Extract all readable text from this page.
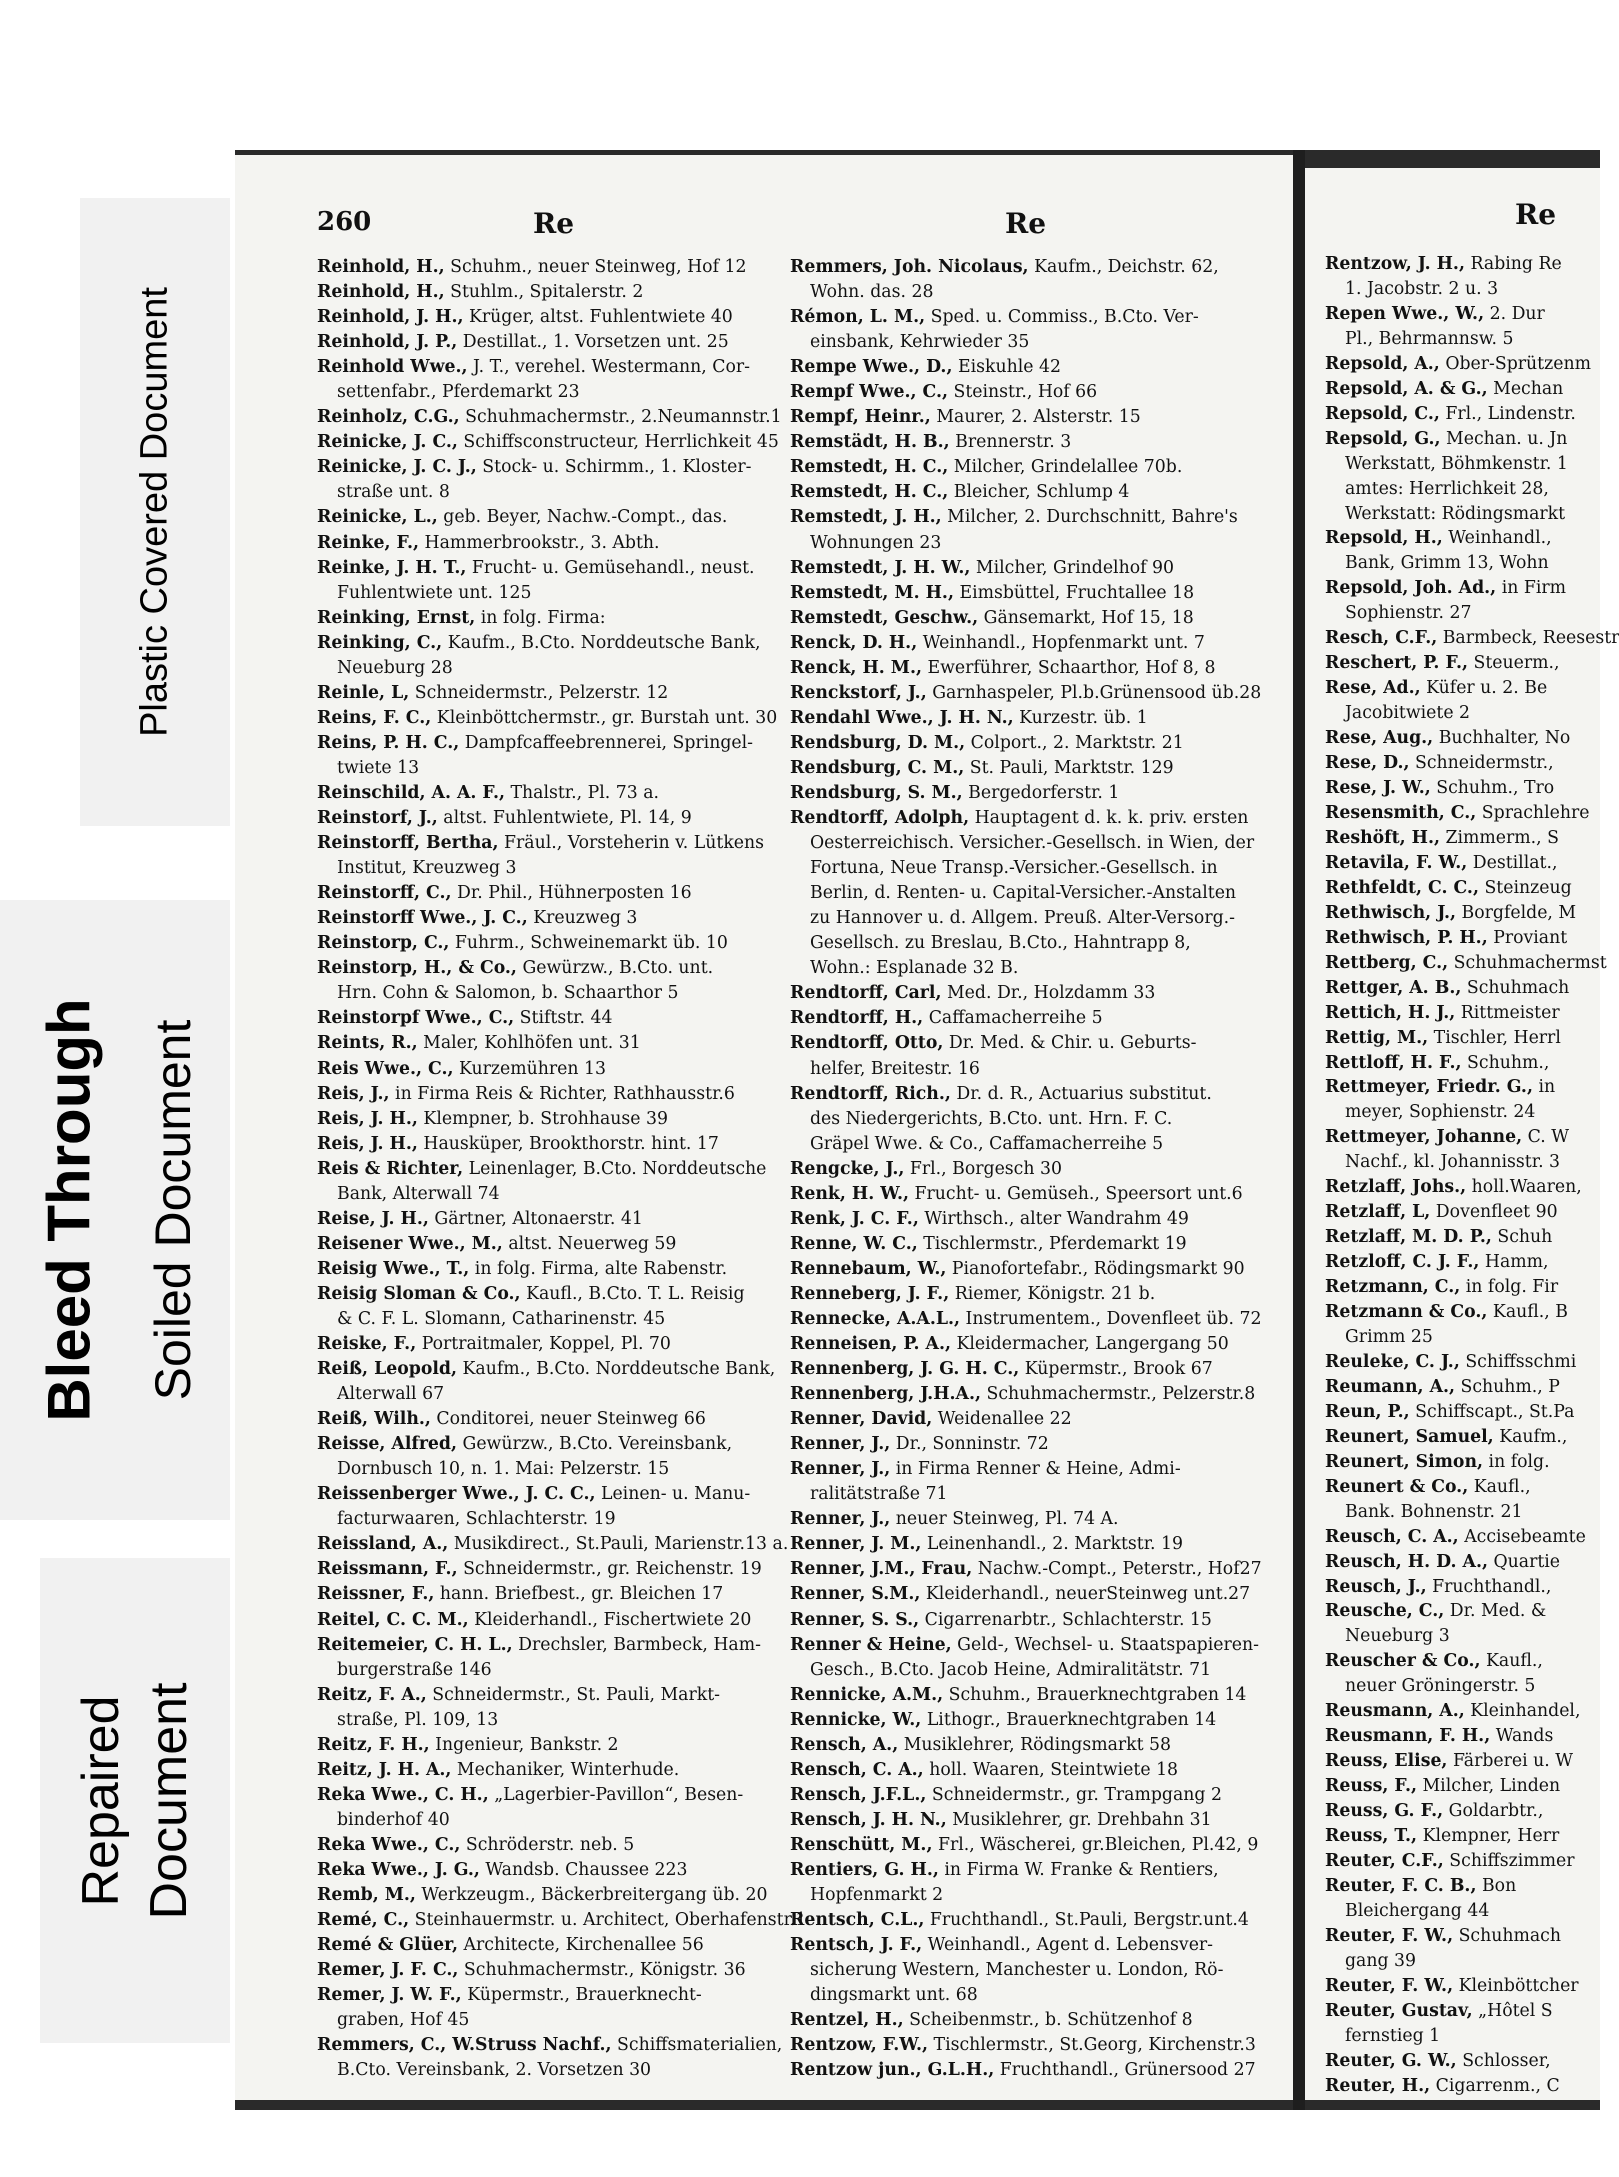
Plastic Covered Document
Bleed Through Soiled Document
Repaired Document
260	Re	Re
Reinhold, H., Schuhm., neuer Steinweg, Hof 12
Reinhold, H., Stuhlm., Spitalerstr. 2
Reinhold, J. H., Krüger, altst. Fuhlentwiete 40
Reinhold, J. P., Destillat., 1. Vorsetzen unt. 25
Reinhold Wwe., J. T., verehel. Westermann, Cor-
settenfabr., Pferdemarkt 23
Reinholz, C.G., Schuhmachermstr., 2.Neumannstr.1
Reinicke, J. C., Schiffsconstructeur, Herrlichkeit 45
Reinicke, J. C. J., Stock- u. Schirmm., 1. Kloster-
straße unt. 8
Reinicke, L., geb. Beyer, Nachw.-Compt., das.
Reinke, F., Hammerbrookstr., 3. Abth.
Reinke, J. H. T., Frucht- u. Gemüsehandl., neust.
Fuhlentwiete unt. 125
Reinking, Ernst, in folg. Firma:
Reinking, C., Kaufm., B.Cto. Norddeutsche Bank,
Neueburg 28
Reinle, L, Schneidermstr., Pelzerstr. 12
Reins, F. C., Kleinböttchermstr., gr. Burstah unt. 30
Reins, P. H. C., Dampfcaffeebrennerei, Springel-
twiete 13
Reinschild, A. A. F., Thalstr., Pl. 73 a.
Reinstorf, J., altst. Fuhlentwiete, Pl. 14, 9
Reinstorff, Bertha, Fräul., Vorsteherin v. Lütkens
Institut, Kreuzweg 3
Reinstorff, C., Dr. Phil., Hühnerposten 16
Reinstorff Wwe., J. C., Kreuzweg 3
Reinstorp, C., Fuhrm., Schweinemarkt üb. 10
Reinstorp, H., & Co., Gewürzw., B.Cto. unt.
Hrn. Cohn & Salomon, b. Schaarthor 5
Reinstorpf Wwe., C., Stiftstr. 44
Reints, R., Maler, Kohlhöfen unt. 31
Reis Wwe., C., Kurzemühren 13
Reis, J., in Firma Reis & Richter, Rathhausstr.6
Reis, J. H., Klempner, b. Strohhause 39
Reis, J. H., Hausküper, Brookthorstr. hint. 17
Reis & Richter, Leinenlager, B.Cto. Norddeutsche
Bank, Alterwall 74
Reise, J. H., Gärtner, Altonaerstr. 41
Reisener Wwe., M., altst. Neuerweg 59
Reisig Wwe., T., in folg. Firma, alte Rabenstr.
Reisig Sloman & Co., Kaufl., B.Cto. T. L. Reisig
& C. F. L. Slomann, Catharinenstr. 45
Reiske, F., Portraitmaler, Koppel, Pl. 70
Reiß, Leopold, Kaufm., B.Cto. Norddeutsche Bank,
Alterwall 67
Reiß, Wilh., Conditorei, neuer Steinweg 66
Reisse, Alfred, Gewürzw., B.Cto. Vereinsbank,
Dornbusch 10, n. 1. Mai: Pelzerstr. 15
Reissenberger Wwe., J. C. C., Leinen- u. Manu-
facturwaaren, Schlachterstr. 19
Reissland, A., Musikdirect., St.Pauli, Marienstr.13 a.
Reissmann, F., Schneidermstr., gr. Reichenstr. 19
Reissner, F., hann. Briefbest., gr. Bleichen 17
Reitel, C. C. M., Kleiderhandl., Fischertwiete 20
Reitemeier, C. H. L., Drechsler, Barmbeck, Ham-
burgerstraße 146
Reitz, F. A., Schneidermstr., St. Pauli, Markt-
straße, Pl. 109, 13
Reitz, F. H., Ingenieur, Bankstr. 2
Reitz, J. H. A., Mechaniker, Winterhude.
Reka Wwe., C. H., „Lagerbier-Pavillon“, Besen-
binderhof 40
Reka Wwe., C., Schröderstr. neb. 5
Reka Wwe., J. G., Wandsb. Chaussee 223
Remb, M., Werkzeugm., Bäckerbreitergang üb. 20
Remé, C., Steinhauermstr. u. Architect, Oberhafenstr.1
Remé & Glüer, Architecte, Kirchenallee 56
Remer, J. F. C., Schuhmachermstr., Königstr. 36
Remer, J. W. F., Küpermstr., Brauerknecht-
graben, Hof 45
Remmers, C., W.Struss Nachf., Schiffsmaterialien,
B.Cto. Vereinsbank, 2. Vorsetzen 30
Remmers, Joh. Nicolaus, Kaufm., Deichstr. 62,
Wohn. das. 28
Rémon, L. M., Sped. u. Commiss., B.Cto. Ver-
einsbank, Kehrwieder 35
Rempe Wwe., D., Eiskuhle 42
Rempf Wwe., C., Steinstr., Hof 66
Rempf, Heinr., Maurer, 2. Alsterstr. 15
Remstädt, H. B., Brennerstr. 3
Remstedt, H. C., Milcher, Grindelallee 70b.
Remstedt, H. C., Bleicher, Schlump 4
Remstedt, J. H., Milcher, 2. Durchschnitt, Bahre's
Wohnungen 23
Remstedt, J. H. W., Milcher, Grindelhof 90
Remstedt, M. H., Eimsbüttel, Fruchtallee 18
Remstedt, Geschw., Gänsemarkt, Hof 15, 18
Renck, D. H., Weinhandl., Hopfenmarkt unt. 7
Renck, H. M., Ewerführer, Schaarthor, Hof 8, 8
Renckstorf, J., Garnhaspeler, Pl.b.Grünensood üb.28
Rendahl Wwe., J. H. N., Kurzestr. üb. 1
Rendsburg, D. M., Colport., 2. Marktstr. 21
Rendsburg, C. M., St. Pauli, Marktstr. 129
Rendsburg, S. M., Bergedorferstr. 1
Rendtorff, Adolph, Hauptagent d. k. k. priv. ersten
Oesterreichisch. Versicher.-Gesellsch. in Wien, der
Fortuna, Neue Transp.-Versicher.-Gesellsch. in
Berlin, d. Renten- u. Capital-Versicher.-Anstalten
zu Hannover u. d. Allgem. Preuß. Alter-Versorg.-
Gesellsch. zu Breslau, B.Cto., Hahntrapp 8,
Wohn.: Esplanade 32 B.
Rendtorff, Carl, Med. Dr., Holzdamm 33
Rendtorff, H., Caffamacherreihe 5
Rendtorff, Otto, Dr. Med. & Chir. u. Geburts-
helfer, Breitestr. 16
Rendtorff, Rich., Dr. d. R., Actuarius substitut.
des Niedergerichts, B.Cto. unt. Hrn. F. C.
Gräpel Wwe. & Co., Caffamacherreihe 5
Rengcke, J., Frl., Borgesch 30
Renk, H. W., Frucht- u. Gemüseh., Speersort unt.6
Renk, J. C. F., Wirthsch., alter Wandrahm 49
Renne, W. C., Tischlermstr., Pferdemarkt 19
Rennebaum, W., Pianofortefabr., Rödingsmarkt 90
Renneberg, J. F., Riemer, Königstr. 21 b.
Rennecke, A.A.L., Instrumentem., Dovenfleet üb. 72
Renneisen, P. A., Kleidermacher, Langergang 50
Rennenberg, J. G. H. C., Küpermstr., Brook 67
Rennenberg, J.H.A., Schuhmachermstr., Pelzerstr.8
Renner, David, Weidenallee 22
Renner, J., Dr., Sonninstr. 72
Renner, J., in Firma Renner & Heine, Admi-
ralitätstraße 71
Renner, J., neuer Steinweg, Pl. 74 A.
Renner, J. M., Leinenhandl., 2. Marktstr. 19
Renner, J.M., Frau, Nachw.-Compt., Peterstr., Hof27
Renner, S.M., Kleiderhandl., neuerSteinweg unt.27
Renner, S. S., Cigarrenarbtr., Schlachterstr. 15
Renner & Heine, Geld-, Wechsel- u. Staatspapieren-
Gesch., B.Cto. Jacob Heine, Admiralitätstr. 71
Rennicke, A.M., Schuhm., Brauerknechtgraben 14
Rennicke, W., Lithogr., Brauerknechtgraben 14
Rensch, A., Musiklehrer, Rödingsmarkt 58
Rensch, C. A., holl. Waaren, Steintwiete 18
Rensch, J.F.L., Schneidermstr., gr. Trampgang 2
Rensch, J. H. N., Musiklehrer, gr. Drehbahn 31
Renschütt, M., Frl., Wäscherei, gr.Bleichen, Pl.42, 9
Rentiers, G. H., in Firma W. Franke & Rentiers,
Hopfenmarkt 2
Rentsch, C.L., Fruchthandl., St.Pauli, Bergstr.unt.4
Rentsch, J. F., Weinhandl., Agent d. Lebensver-
sicherung Western, Manchester u. London, Rö-
dingsmarkt unt. 68
Rentzel, H., Scheibenmstr., b. Schützenhof 8
Rentzow, F.W., Tischlermstr., St.Georg, Kirchenstr.3
Rentzow jun., G.L.H., Fruchthandl., Grünersood 27
Re
Rentzow, J. H., Rabing Re
1. Jacobstr. 2 u. 3
Repen Wwe., W., 2. Dur
Pl., Behrmannsw. 5
Repsold, A., Ober-Sprützenm
Repsold, A. & G., Mechan
Repsold, C., Frl., Lindenstr.
Repsold, G., Mechan. u. Jn
Werkstatt, Böhmkenstr. 1
amtes: Herrlichkeit 28,
Werkstatt: Rödingsmarkt
Repsold, H., Weinhandl.,
Bank, Grimm 13, Wohn
Repsold, Joh. Ad., in Firm
Sophienstr. 27
Resch, C.F., Barmbeck, Reesestr
Reschert, P. F., Steuerm.,
Rese, Ad., Küfer u. 2. Be
Jacobitwiete 2
Rese, Aug., Buchhalter, No
Rese, D., Schneidermstr.,
Rese, J. W., Schuhm., Tro
Resensmith, C., Sprachlehre
Reshöft, H., Zimmerm., S
Retavila, F. W., Destillat.,
Rethfeldt, C. C., Steinzeug
Rethwisch, J., Borgfelde, M
Rethwisch, P. H., Proviant
Rettberg, C., Schuhmachermst
Rettger, A. B., Schuhmach
Rettich, H. J., Rittmeister
Rettig, M., Tischler, Herrl
Rettloff, H. F., Schuhm.,
Rettmeyer, Friedr. G., in
meyer, Sophienstr. 24
Rettmeyer, Johanne, C. W
Nachf., kl. Johannisstr. 3
Retzlaff, Johs., holl.Waaren,
Retzlaff, L, Dovenfleet 90
Retzlaff, M. D. P., Schuh
Retzloff, C. J. F., Hamm,
Retzmann, C., in folg. Fir
Retzmann & Co., Kaufl., B
Grimm 25
Reuleke, C. J., Schiffsschmi
Reumann, A., Schuhm., P
Reun, P., Schiffscapt., St.Pa
Reunert, Samuel, Kaufm.,
Reunert, Simon, in folg.
Reunert & Co., Kaufl.,
Bank. Bohnenstr. 21
Reusch, C. A., Accisebeamte
Reusch, H. D. A., Quartie
Reusch, J., Fruchthandl.,
Reusche, C., Dr. Med. &
Neueburg 3
Reuscher & Co., Kaufl.,
neuer Gröningerstr. 5
Reusmann, A., Kleinhandel,
Reusmann, F. H., Wands
Reuss, Elise, Färberei u. W
Reuss, F., Milcher, Linden
Reuss, G. F., Goldarbtr.,
Reuss, T., Klempner, Herr
Reuter, C.F., Schiffszimmer
Reuter, F. C. B., Bon
Bleichergang 44
Reuter, F. W., Schuhmach
gang 39
Reuter, F. W., Kleinböttcher
Reuter, Gustav, „Hôtel S
fernstieg 1
Reuter, G. W., Schlosser,
Reuter, H., Cigarrenm., C
